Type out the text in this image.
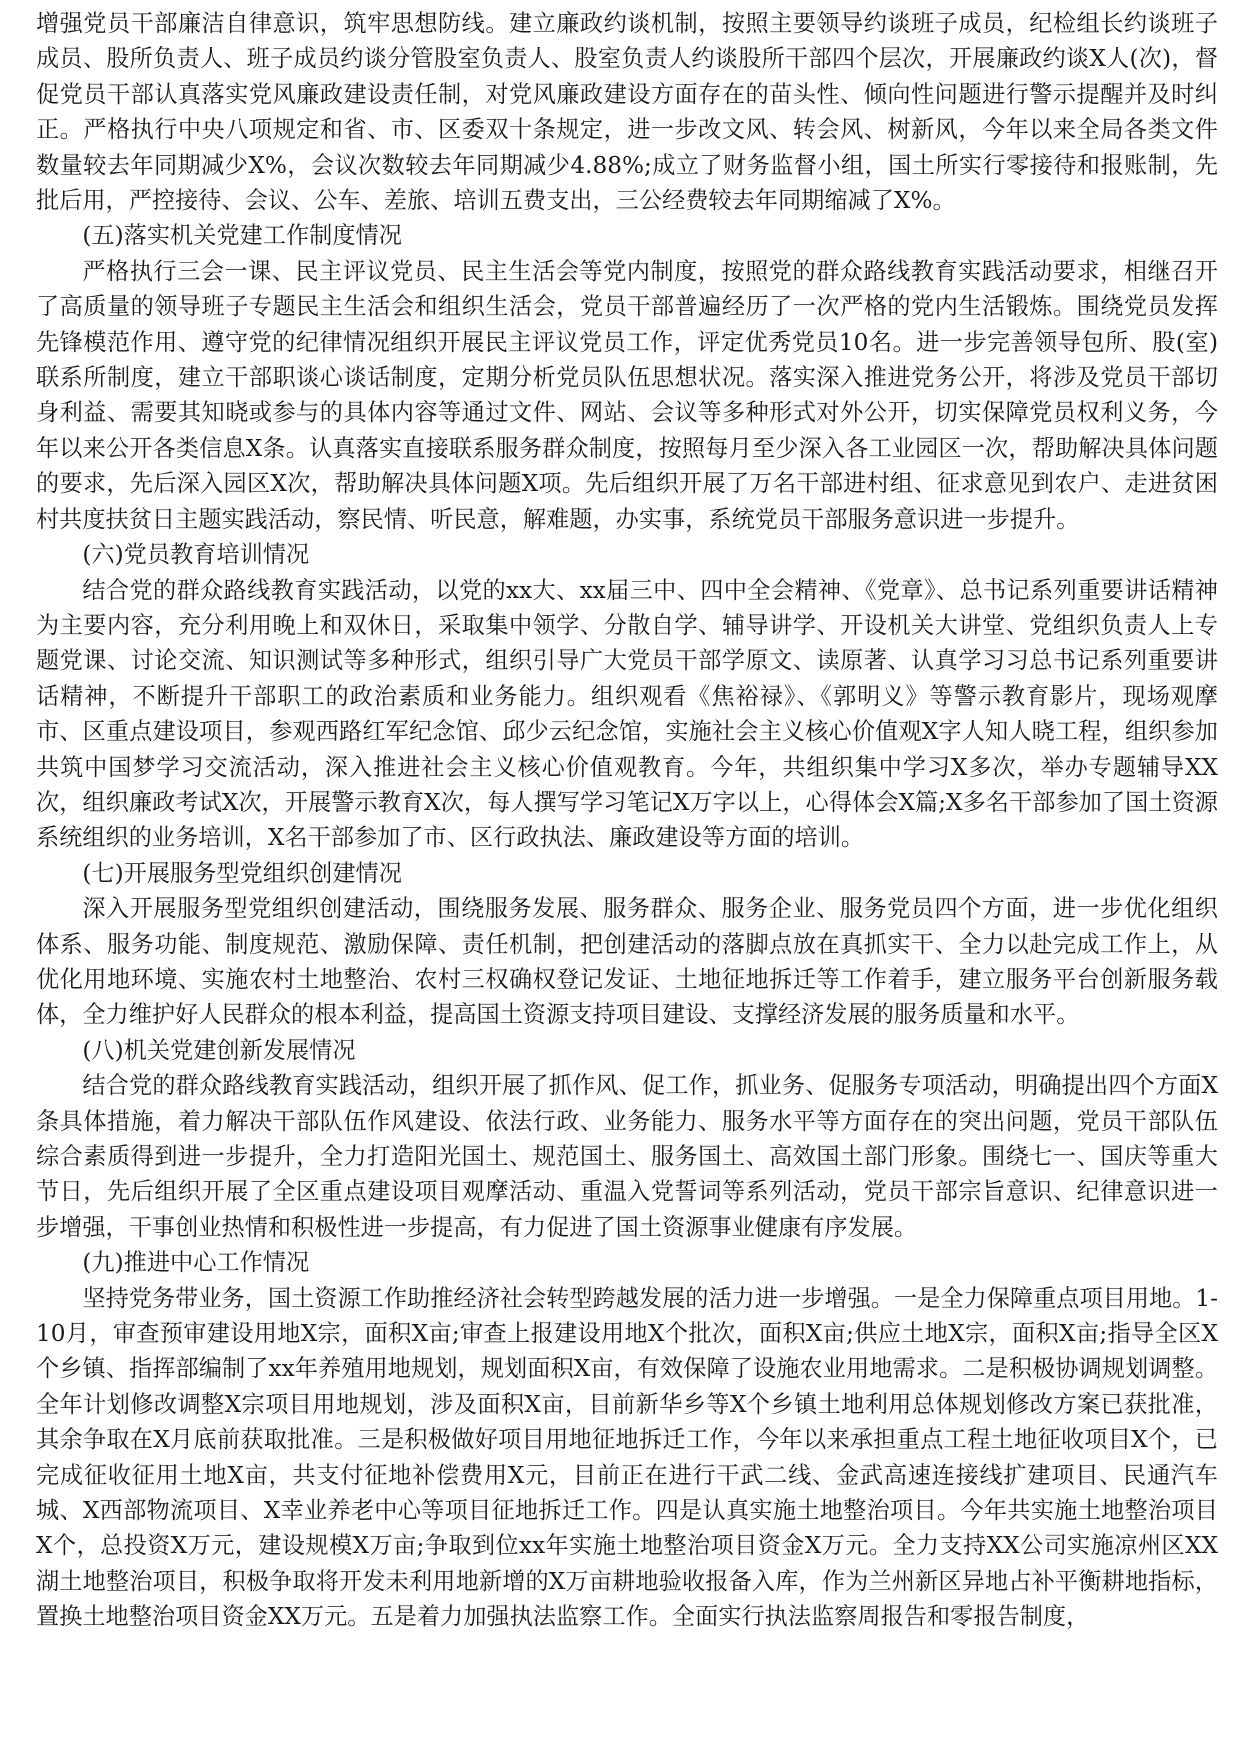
增强党员干部廉洁自律意识，筑牢思想防线。建立廉政约谈机制，按照主要领导约谈班子成员，纪检组长约谈班子成员、股所负责人、班子成员约谈分管股室负责人、股室负责人约谈股所干部四个层次，开展廉政约谈X人(次)，督促党员干部认真落实党风廉政建设责任制，对党风廉政建设方面存在的苗头性、倾向性问题进行警示提醒并及时纠正。严格执行中央八项规定和省、市、区委双十条规定，进一步改文风、转会风、树新风，今年以来全局各类文件数量较去年同期减少X%，会议次数较去年同期减少4.88%;成立了财务监督小组，国土所实行零接待和报账制，先批后用，严控接待、会议、公车、差旅、培训五费支出，三公经费较去年同期缩减了X%。

(五)落实机关党建工作制度情况

严格执行三会一课、民主评议党员、民主生活会等党内制度，按照党的群众路线教育实践活动要求，相继召开了高质量的领导班子专题民主生活会和组织生活会，党员干部普遍经历了一次严格的党内生活锻炼。围绕党员发挥先锋模范作用、遵守党的纪律情况组织开展民主评议党员工作，评定优秀党员10名。进一步完善领导包所、股(室)联系所制度，建立干部职谈心谈话制度，定期分析党员队伍思想状况。落实深入推进党务公开，将涉及党员干部切身利益、需要其知晓或参与的具体内容等通过文件、网站、会议等多种形式对外公开，切实保障党员权利义务，今年以来公开各类信息X条。认真落实直接联系服务群众制度，按照每月至少深入各工业园区一次，帮助解决具体问题的要求，先后深入园区X次，帮助解决具体问题X项。先后组织开展了万名干部进村组、征求意见到农户、走进贫困村共度扶贫日主题实践活动，察民情、听民意，解难题，办实事，系统党员干部服务意识进一步提升。

(六)党员教育培训情况

结合党的群众路线教育实践活动，以党的xx大、xx届三中、四中全会精神、《党章》、总书记系列重要讲话精神为主要内容，充分利用晚上和双休日，采取集中领学、分散自学、辅导讲学、开设机关大讲堂、党组织负责人上专题党课、讨论交流、知识测试等多种形式，组织引导广大党员干部学原文、读原著、认真学习习总书记系列重要讲话精神，不断提升干部职工的政治素质和业务能力。组织观看《焦裕禄》、《郭明义》等警示教育影片，现场观摩市、区重点建设项目，参观西路红军纪念馆、邱少云纪念馆，实施社会主义核心价值观X字人知人晓工程，组织参加共筑中国梦学习交流活动，深入推进社会主义核心价值观教育。今年，共组织集中学习X多次，举办专题辅导XX次，组织廉政考试X次，开展警示教育X次，每人撰写学习笔记X万字以上，心得体会X篇;X多名干部参加了国土资源系统组织的业务培训，X名干部参加了市、区行政执法、廉政建设等方面的培训。

(七)开展服务型党组织创建情况

深入开展服务型党组织创建活动，围绕服务发展、服务群众、服务企业、服务党员四个方面，进一步优化组织体系、服务功能、制度规范、激励保障、责任机制，把创建活动的落脚点放在真抓实干、全力以赴完成工作上，从优化用地环境、实施农村土地整治、农村三权确权登记发证、土地征地拆迁等工作着手，建立服务平台创新服务载体，全力维护好人民群众的根本利益，提高国土资源支持项目建设、支撑经济发展的服务质量和水平。

(八)机关党建创新发展情况

结合党的群众路线教育实践活动，组织开展了抓作风、促工作，抓业务、促服务专项活动，明确提出四个方面X条具体措施，着力解决干部队伍作风建设、依法行政、业务能力、服务水平等方面存在的突出问题，党员干部队伍综合素质得到进一步提升，全力打造阳光国土、规范国土、服务国土、高效国土部门形象。围绕七一、国庆等重大节日，先后组织开展了全区重点建设项目观摩活动、重温入党誓词等系列活动，党员干部宗旨意识、纪律意识进一步增强，干事创业热情和积极性进一步提高，有力促进了国土资源事业健康有序发展。

(九)推进中心工作情况

坚持党务带业务，国土资源工作助推经济社会转型跨越发展的活力进一步增强。一是全力保障重点项目用地。1-10月，审查预审建设用地X宗，面积X亩;审查上报建设用地X个批次，面积X亩;供应土地X宗，面积X亩;指导全区X个乡镇、指挥部编制了xx年养殖用地规划，规划面积X亩，有效保障了设施农业用地需求。二是积极协调规划调整。全年计划修改调整X宗项目用地规划，涉及面积X亩，目前新华乡等X个乡镇土地利用总体规划修改方案已获批准，其余争取在X月底前获取批准。三是积极做好项目用地征地拆迁工作，今年以来承担重点工程土地征收项目X个，已完成征收征用土地X亩，共支付征地补偿费用X元，目前正在进行干武二线、金武高速连接线扩建项目、民通汽车城、X西部物流项目、X幸业养老中心等项目征地拆迁工作。四是认真实施土地整治项目。今年共实施土地整治项目X个，总投资X万元，建设规模X万亩;争取到位xx年实施土地整治项目资金X万元。全力支持XX公司实施凉州区XX湖土地整治项目，积极争取将开发未利用地新增的X万亩耕地验收报备入库，作为兰州新区异地占补平衡耕地指标，置换土地整治项目资金XX万元。五是着力加强执法监察工作。全面实行执法监察周报告和零报告制度，
